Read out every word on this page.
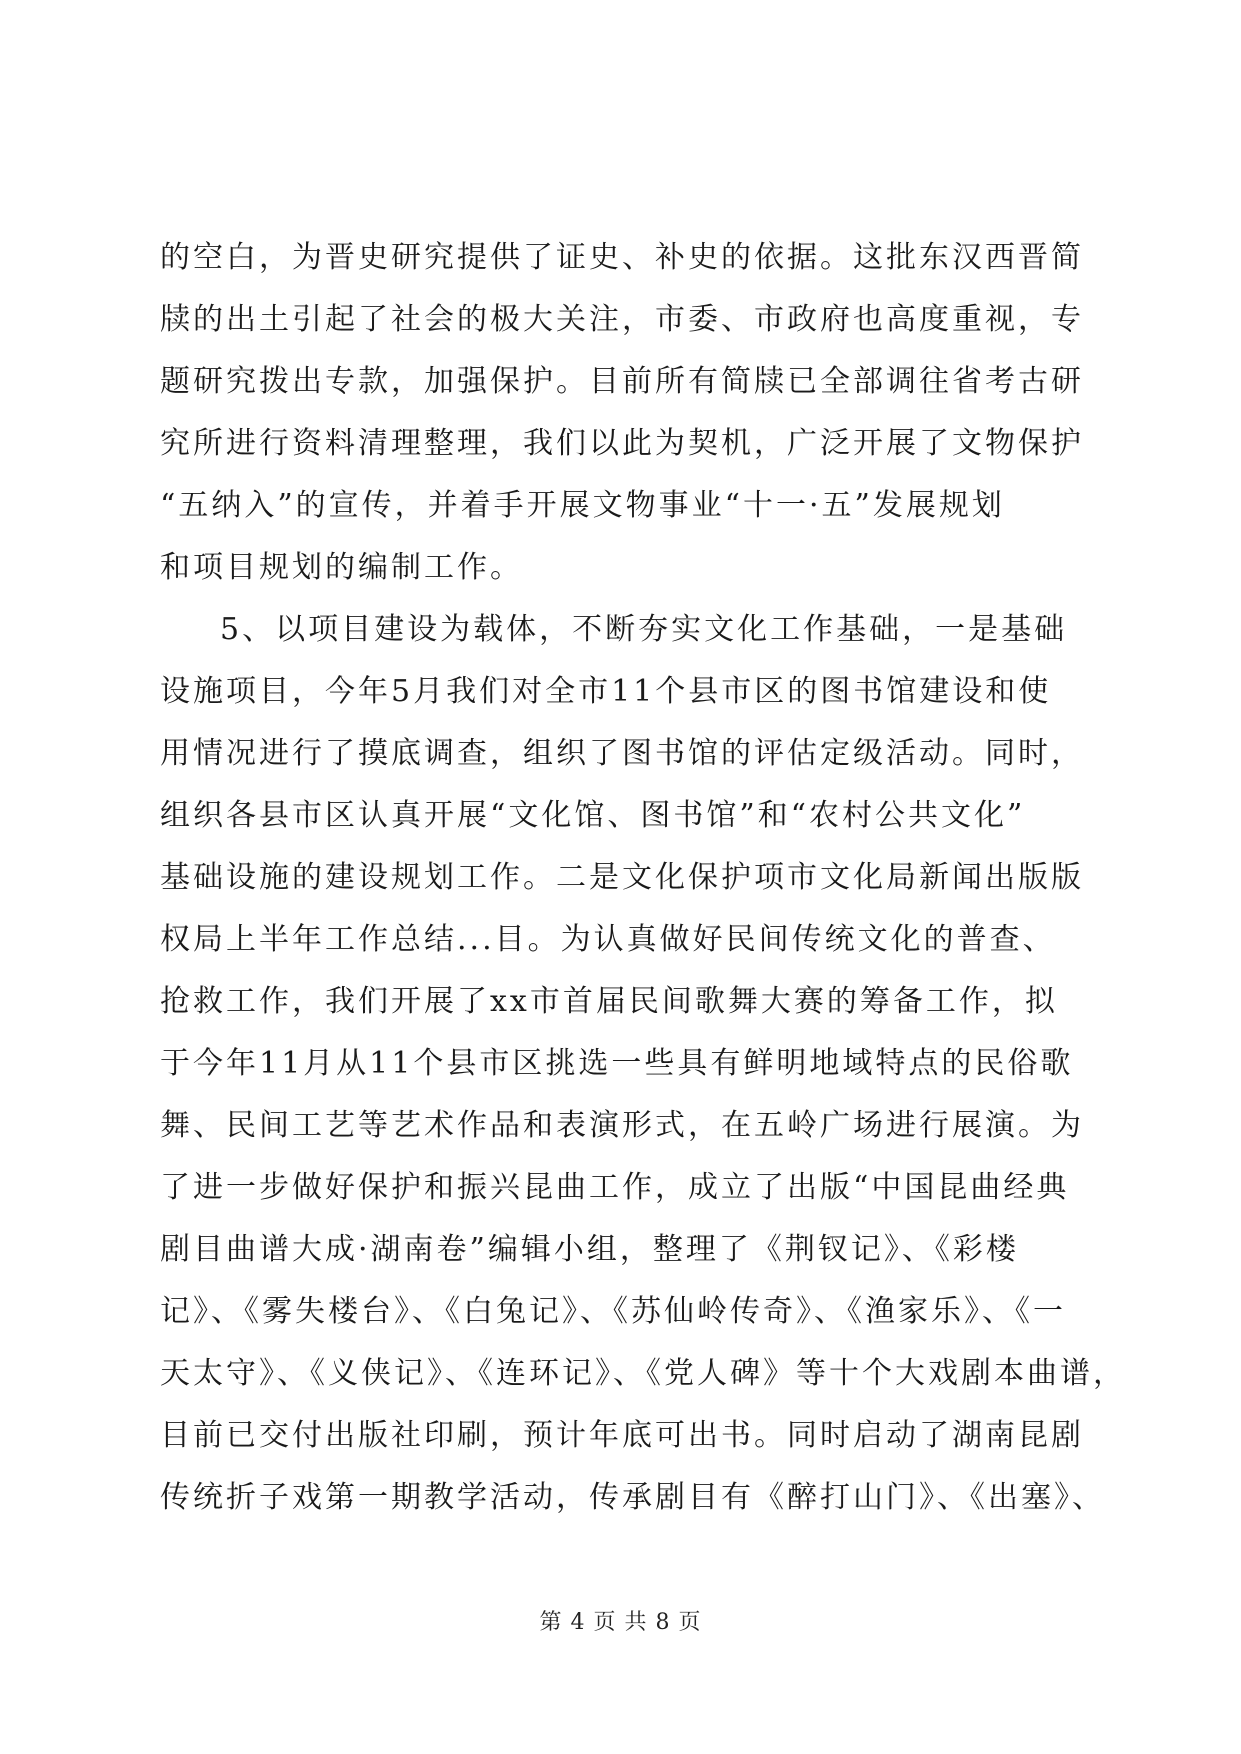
的空白，为晋史研究提供了证史、补史的依据。这批东汉西晋简
牍的出土引起了社会的极大关注，市委、市政府也高度重视，专
题研究拨出专款，加强保护。目前所有简牍已全部调往省考古研
究所进行资料清理整理，我们以此为契机，广泛开展了文物保护
“五纳入”的宣传，并着手开展文物事业“十一·五”发展规划
和项目规划的编制工作。
5、以项目建设为载体，不断夯实文化工作基础，一是基础
设施项目，今年5月我们对全市11个县市区的图书馆建设和使
用情况进行了摸底调查，组织了图书馆的评估定级活动。同时，
组织各县市区认真开展“文化馆、图书馆”和“农村公共文化”
基础设施的建设规划工作。二是文化保护项市文化局新闻出版版
权局上半年工作总结...目。为认真做好民间传统文化的普查、
抢救工作，我们开展了xx市首届民间歌舞大赛的筹备工作，拟
于今年11月从11个县市区挑选一些具有鲜明地域特点的民俗歌
舞、民间工艺等艺术作品和表演形式，在五岭广场进行展演。为
了进一步做好保护和振兴昆曲工作，成立了出版“中国昆曲经典
剧目曲谱大成·湖南卷”编辑小组，整理了《荆钗记》、《彩楼
记》、《雾失楼台》、《白兔记》、《苏仙岭传奇》、《渔家乐》、《一
天太守》、《义侠记》、《连环记》、《党人碑》等十个大戏剧本曲谱，
目前已交付出版社印刷，预计年底可出书。同时启动了湖南昆剧
传统折子戏第一期教学活动，传承剧目有《醉打山门》、《出塞》、
第 4 页 共 8 页
